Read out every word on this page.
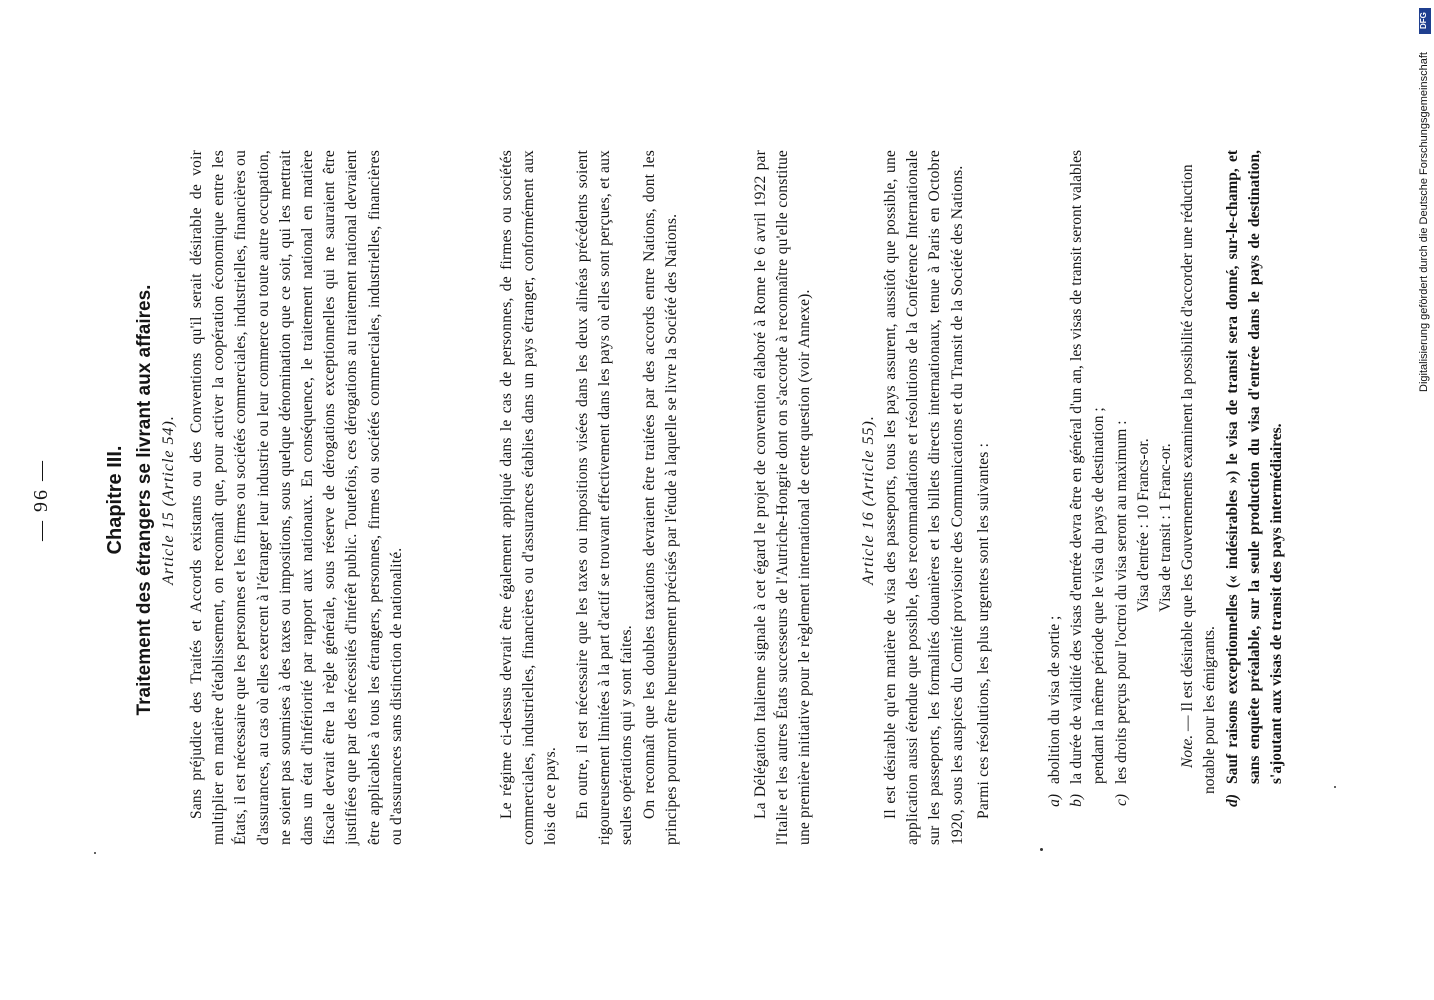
— 96 —	Chapitre III. Traitement des étrangers se livrant aux affaires. Article 15 (Article 54). Sans préjudice des Traités et Accords existants ou des Conventions qu'il serait désirable de voir multiplier en matière d'établissement, on reconnaît que, pour activer la coopération économique entre les États, il est nécessaire que les personnes et les firmes ou sociétés commerciales, industrielles, financières ou d'assurances, au cas où elles exercent à l'étranger leur industrie ou leur commerce ou toute autre occupation, ne soient pas soumises à des taxes ou impositions, sous quelque dénomination que ce soit, qui les mettrait dans un état d'infériorité par rapport aux nationaux. En conséquence, le traitement national en matière fiscale devrait être la règle générale, sous réserve de dérogations exceptionnelles qui ne sauraient être justifiées que par des nécessités d'intérêt public. Toutefois, ces dérogations au traitement national devraient être applicables à tous les étrangers, personnes, firmes ou sociétés commerciales, industrielles, financières ou d'assurances sans distinction de nationalité.	Le régime ci-dessus devrait être également appliqué dans le cas de personnes, de firmes ou sociétés commerciales, industrielles, financières ou d'assurances établies dans un pays étranger, conformément aux lois de ce pays. En outre, il est nécessaire que les taxes ou impositions visées dans les deux alinéas précédents soient rigoureusement limitées à la part d'actif se trouvant effectivement dans les pays où elles sont perçues, et aux seules opérations qui y sont faites. On reconnaît que les doubles taxations devraient être traitées par des accords entre Nations, dont les principes pourront être heureusement précisés par l'étude à laquelle se livre la Société des Nations.	La Délégation Italienne signale à cet égard le projet de convention élaboré à Rome le 6 avril 1922 par l'Italie et les autres États successeurs de l'Autriche-Hongrie dont on s'accorde à reconnaître qu'elle constitue une première initiative pour le règlement international de cette question (voir Annexe).	Article 16 (Article 55). Il est désirable qu'en matière de visa des passeports, tous les pays assurent, aussitôt que possible, une application aussi étendue que possible, des recommandations et résolutions de la Conférence Internationale sur les passeports, les formalités douanières et les billets directs internationaux, tenue à Paris en Octobre 1920, sous les auspices du Comité provisoire des Communications et du Transit de la Société des Nations. Parmi ces résolutions, les plus urgentes sont les suivantes :	a)
abolition du visa de sortie ;
b)
la durée de validité des visas d'entrée devra être en général d'un an, les visas de transit seront valables pendant la même période que le visa du pays de destination ;
c)
les droits perçus pour l'octroi du visa seront au maximum : Visa d'entrée : 10 Francs-or. Visa de transit : 1 Franc-or.

Note. — Il est désirable que les Gouvernements examinent la possibilité d'accorder une réduction notable pour les émigrants.

d)
Sauf raisons exceptionnelles (« indésirables ») le visa de transit sera donné, sur-le-champ, et sans enquête préalable, sur la seule production du visa d'entrée dans le pays de destination, s'ajoutant aux visas de transit des pays intermédiaires.
Digitalisierung gefördert durch die Deutsche Forschungsgemeinschaft
DFG
